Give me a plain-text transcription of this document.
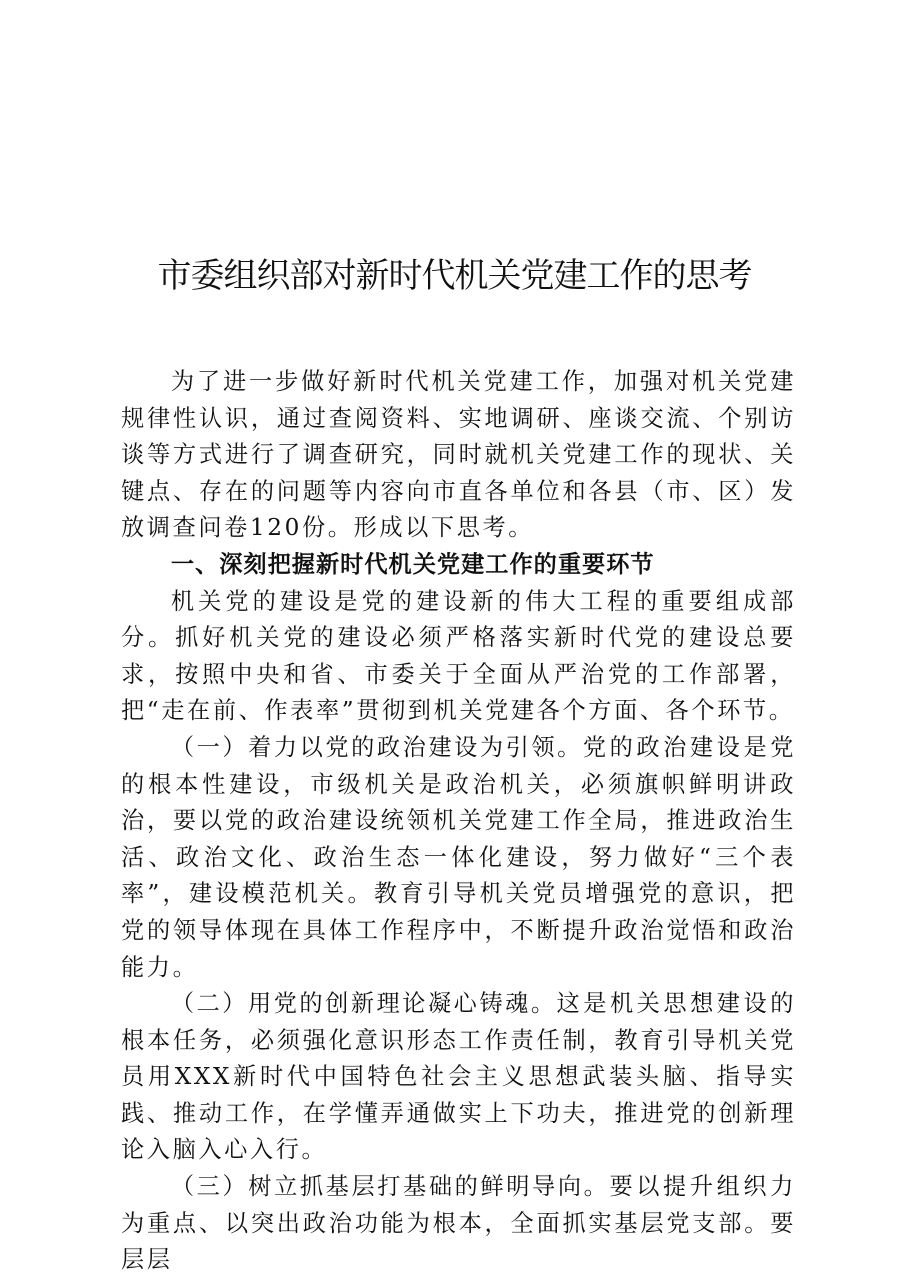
市委组织部对新时代机关党建工作的思考

为了进一步做好新时代机关党建工作，加强对机关党建规律性认识，通过查阅资料、实地调研、座谈交流、个别访谈等方式进行了调查研究，同时就机关党建工作的现状、关键点、存在的问题等内容向市直各单位和各县（市、区）发放调查问卷120份。形成以下思考。

一、深刻把握新时代机关党建工作的重要环节

机关党的建设是党的建设新的伟大工程的重要组成部分。抓好机关党的建设必须严格落实新时代党的建设总要求，按照中央和省、市委关于全面从严治党的工作部署，把“走在前、作表率”贯彻到机关党建各个方面、各个环节。

（一）着力以党的政治建设为引领。党的政治建设是党的根本性建设，市级机关是政治机关，必须旗帜鲜明讲政治，要以党的政治建设统领机关党建工作全局，推进政治生活、政治文化、政治生态一体化建设，努力做好“三个表率”，建设模范机关。教育引导机关党员增强党的意识，把党的领导体现在具体工作程序中，不断提升政治觉悟和政治能力。

（二）用党的创新理论凝心铸魂。这是机关思想建设的根本任务，必须强化意识形态工作责任制，教育引导机关党员用XXX新时代中国特色社会主义思想武装头脑、指导实践、推动工作，在学懂弄通做实上下功夫，推进党的创新理论入脑入心入行。

（三）树立抓基层打基础的鲜明导向。要以提升组织力为重点、以突出政治功能为根本，全面抓实基层党支部。要层层
